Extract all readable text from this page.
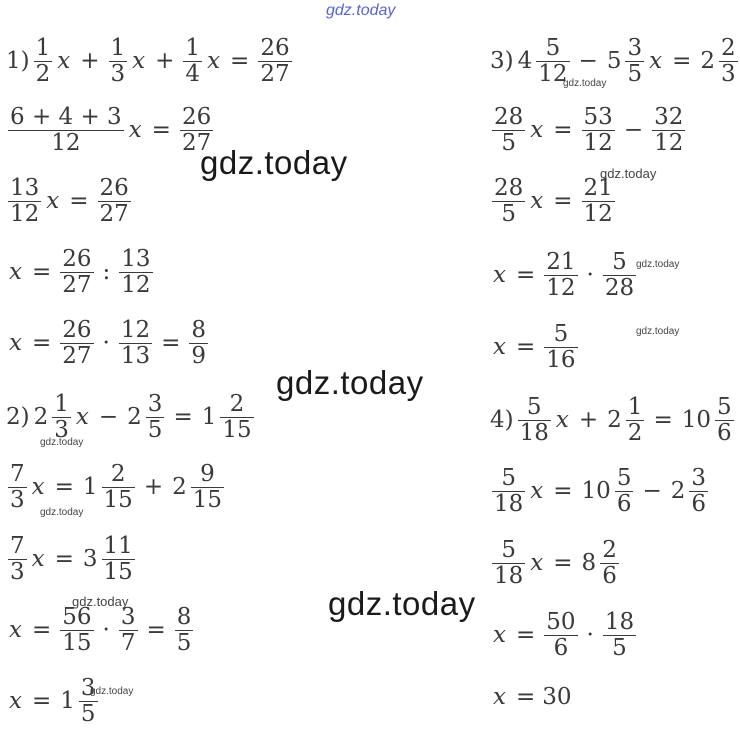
gdz.today
$1) \frac{1}{2}$ $x + \frac{1}{3}$ $x + \frac{1}{4}$ $x = \frac{26}{27}$
$\frac{6 + 4 + 3}{12}$ $x = \frac{26}{27}$
$\frac{13}{12}$ $x = \frac{26}{27}$
$x = \frac{26}{27}$ : $\frac{13}{12}$
$x = \frac{26}{27} \cdot \frac{12}{13} = \frac{8}{9}$
2) $2 \frac{1}{3}$ $x - 2 \frac{3}{5} = 1 \frac{2}{15}$
$\frac{7}{3}$ $x = 1 \frac{2}{15} + 2 \frac{9}{15}$
$\frac{7}{3}$ $x = 3 \frac{11}{15}$
$x = \frac{56}{15} \cdot \frac{3}{7} = \frac{8}{5}$
$x = 1 \frac{3}{5}$
3) $4 \frac{5}{12} - 5 \frac{3}{5}$ $x = 2 \frac{2}{3}$
$\frac{28}{5}$ $x = \frac{53}{12} - \frac{32}{12}$
$\frac{28}{5}$ $x = \frac{21}{12}$
$x = \frac{21}{12} \cdot \frac{5}{28}$
$x = \frac{5}{16}$
$4) \frac{5}{18}$ $x + 2 \frac{1}{2} = 10 \frac{5}{6}$
$\frac{5}{18}$ $x = 10 \frac{5}{6} - 2 \frac{3}{6}$
$\frac{5}{18}$ $x = 8 \frac{2}{6}$
$x = \frac{50}{6} \cdot \frac{18}{5}$
x = 30
gdz.today
gdz.today
gdz.today
gdz.today
gdz.today
gdz.today
gdz.today
gdz.today
gdz.today
gdz.today
gdz.today
